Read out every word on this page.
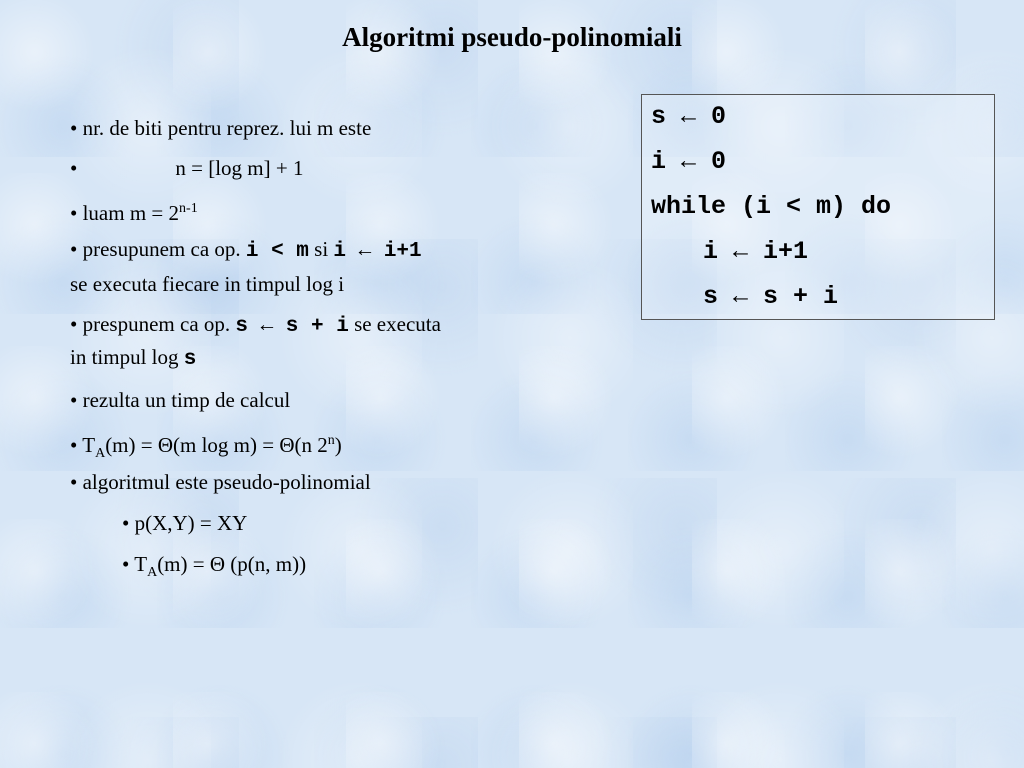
Algoritmi pseudo-polinomiali
• nr. de biti pentru reprez. lui m este
•	n = [log m] + 1
• luam $m = 2^{n-1}$
• presupunem ca op. i < m si i ← i+1
se executa fiecare in timpul log i
• prespunem ca op. s ← s + i se executa
in timpul log s
• rezulta un timp de calcul
• $T_A(m) = \Theta(m$ log m) = Θ(n 2$^n$)
• algoritmul este pseudo-polinomial
• p(X,Y) = XY
• $T_A(m) = \Theta$ (p(n, m))
s ← 0
i ← 0
while (i < m) do
i ← i+1
s ← s + i
